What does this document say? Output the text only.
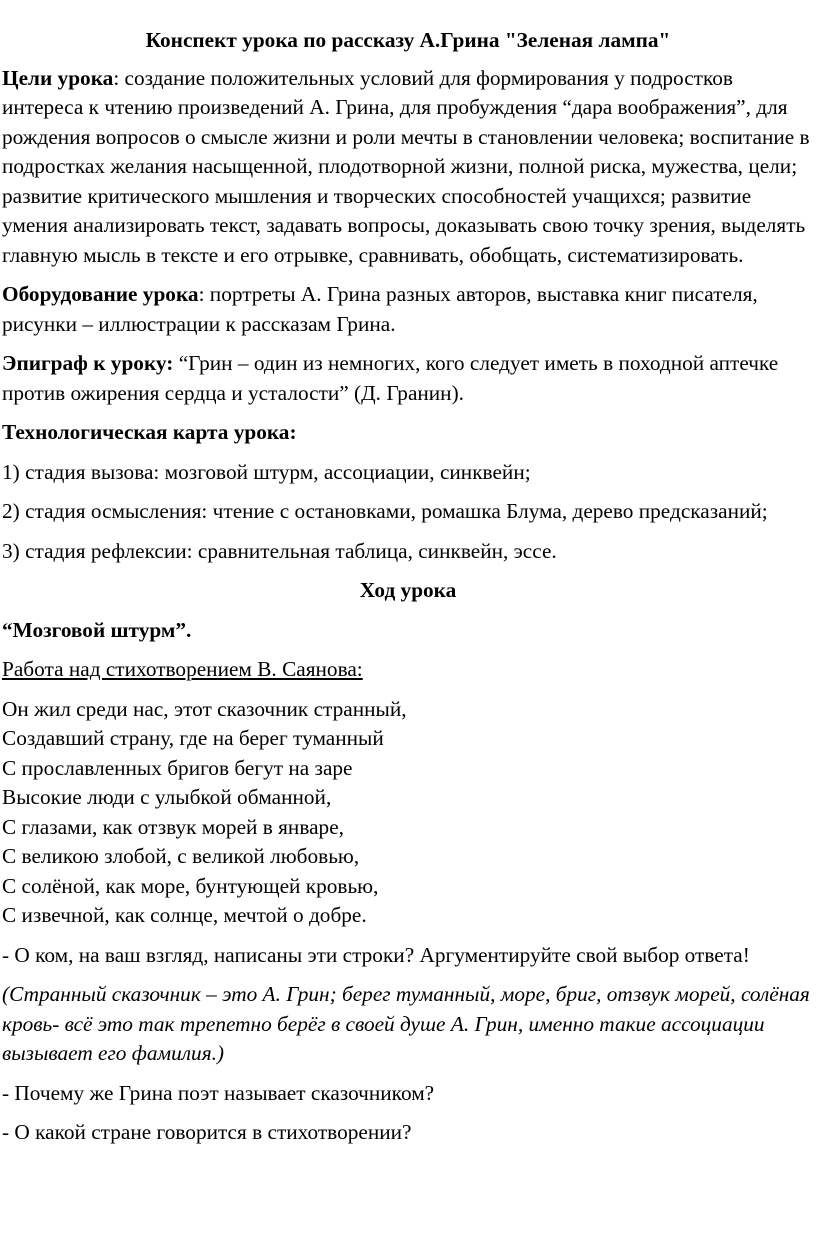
Конспект урока по рассказу А.Грина "Зеленая лампа"

Цели урока: создание положительных условий для формирования у подростков интереса к чтению произведений А. Грина, для пробуждения “дара воображения”, для рождения вопросов о смысле жизни и роли мечты в становлении человека; воспитание в подростках желания насыщенной, плодотворной жизни, полной риска, мужества, цели; развитие критического мышления и творческих способностей учащихся; развитие умения анализировать текст, задавать вопросы, доказывать свою точку зрения, выделять главную мысль в тексте и его отрывке, сравнивать, обобщать, систематизировать.

Оборудование урока: портреты А. Грина разных авторов, выставка книг писателя, рисунки – иллюстрации к рассказам Грина.

Эпиграф к уроку: “Грин – один из немногих, кого следует иметь в походной аптечке против ожирения сердца и усталости” (Д. Гранин).

Технологическая карта урока:

1) стадия вызова: мозговой штурм, ассоциации, синквейн;

2) стадия осмысления: чтение с остановками, ромашка Блума, дерево предсказаний;

3) стадия рефлексии: сравнительная таблица, синквейн, эссе.

Ход урока

“Мозговой штурм”.

Работа над стихотворением В. Саянова:

Он жил среди нас, этот сказочник странный,
Создавший страну, где на берег туманный
С прославленных бригов бегут на заре
Высокие люди с улыбкой обманной,
С глазами, как отзвук морей в январе,
С великою злобой, с великой любовью,
С солёной, как море, бунтующей кровью,
С извечной, как солнце, мечтой о добре.

- О ком, на ваш взгляд, написаны эти строки? Аргументируйте свой выбор ответа!

(Странный сказочник – это А. Грин; берег туманный, море, бриг, отзвук морей, солёная кровь- всё это так трепетно берёг в своей душе А. Грин, именно такие ассоциации вызывает его фамилия.)

- Почему же Грина поэт называет сказочником?

- О какой стране говорится в стихотворении?
